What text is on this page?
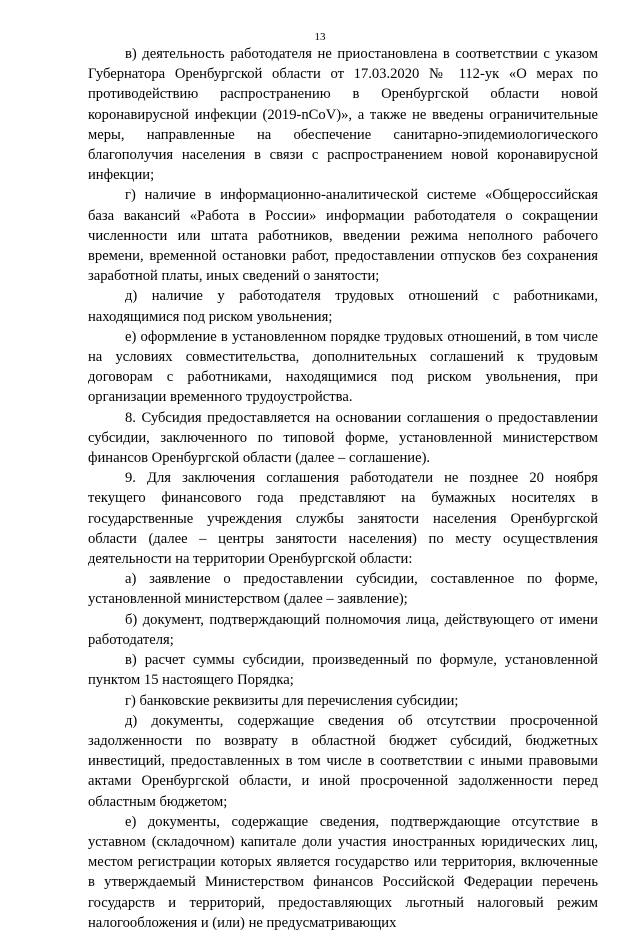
13

в) деятельность работодателя не приостановлена в соответствии с указом Губернатора Оренбургской области от 17.03.2020 № 112-ук «О мерах по противодействию распространению в Оренбургской области новой коронавирусной инфекции (2019-nCoV)», а также не введены ограничительные меры, направленные на обеспечение санитарно-эпидемиологического благополучия населения в связи с распространением новой коронавирусной инфекции;

г) наличие в информационно-аналитической системе «Общероссийская база вакансий «Работа в России» информации работодателя о сокращении численности или штата работников, введении режима неполного рабочего времени, временной остановки работ, предоставлении отпусков без сохранения заработной платы, иных сведений о занятости;

д) наличие у работодателя трудовых отношений с работниками, находящимися под риском увольнения;

е) оформление в установленном порядке трудовых отношений, в том числе на условиях совместительства, дополнительных соглашений к трудовым договорам с работниками, находящимися под риском увольнения, при организации временного трудоустройства.

8. Субсидия предоставляется на основании соглашения о предоставлении субсидии, заключенного по типовой форме, установленной министерством финансов Оренбургской области (далее – соглашение).

9. Для заключения соглашения работодатели не позднее 20 ноября текущего финансового года представляют на бумажных носителях в государственные учреждения службы занятости населения Оренбургской области (далее – центры занятости населения) по месту осуществления деятельности на территории Оренбургской области:

а) заявление о предоставлении субсидии, составленное по форме, установленной министерством (далее – заявление);

б) документ, подтверждающий полномочия лица, действующего от имени работодателя;

в) расчет суммы субсидии, произведенный по формуле, установленной пунктом 15 настоящего Порядка;

г) банковские реквизиты для перечисления субсидии;

д) документы, содержащие сведения об отсутствии просроченной задолженности по возврату в областной бюджет субсидий, бюджетных инвестиций, предоставленных в том числе в соответствии с иными правовыми актами Оренбургской области, и иной просроченной задолженности перед областным бюджетом;

е) документы, содержащие сведения, подтверждающие отсутствие в уставном (складочном) капитале доли участия иностранных юридических лиц, местом регистрации которых является государство или территория, включенные в утверждаемый Министерством финансов Российской Федерации перечень государств и территорий, предоставляющих льготный налоговый режим налогообложения и (или) не предусматривающих
